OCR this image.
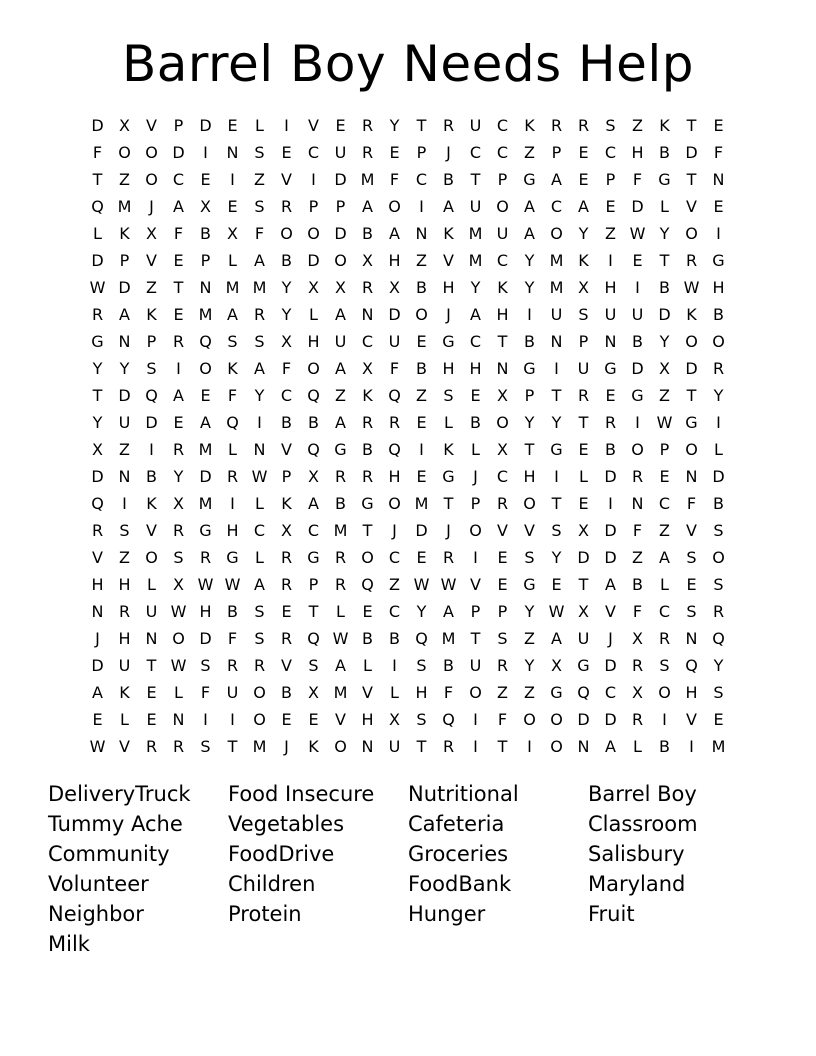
Barrel Boy Needs Help
D X	V	P	D E	L	I	V	E	R	Y	T	R U C	K	R R	S	Z	K	T	E
F	O O D	I	N S	E	C U R	E	P	J	C C Z	P	E	C H B D	F
T	Z O C	E	I	Z	V	I	D M F	C B	T	P G A	E	P	F	G T	N
Q M	J	A	X	E	S	R	P	P	A O	I	A U O A C A	E D	L	V	E
L	K	X	F	B	X	F	O O D B	A N K M U A O Y	Z W Y O	I
D	P	V	E	P	L	A	B D O X H Z	V M C	Y M K	I	E	T	R G
W D Z	T	N M M Y	X	X R X	B H	Y	K	Y M X H	I	B W H
R A	K	E M A R	Y	L	A N D O	J	A H	I	U	S	U U D K	B
G N	P	R Q S	S	X H U C U	E G C	T	B N	P	N B	Y O O
Y	Y	S	I	O K	A	F	O A	X	F	B H H N G	I	U G D X D R
T D Q A	E	F	Y	C Q Z	K Q Z	S	E	X	P	T	R	E G Z	T	Y
Y	U D E	A Q	I	B	B	A R R	E	L	B O Y	Y	T	R	I	W G	I
X	Z	I	R M L	N V Q G B Q	I	K	L	X	T G E	B O P O	L
D N B	Y D R W P	X R R H E G	J	C H	I	L	D R	E N D
Q	I	K	X M	I	L	K	A	B G O M T	P	R O T	E	I	N C	F	B
R	S	V R G H C X C M T	J	D	J	O V	V	S	X D	F	Z	V	S
V	Z O S	R G	L	R G R O C	E	R	I	E	S	Y D D Z	A	S O
H H	L	X W W A R	P	R Q Z W W V	E G E	T	A	B	L	E	S
N R U W H B	S	E	T	L	E	C	Y	A	P	P	Y W X	V	F	C	S	R
J	H N O D	F	S	R Q W B	B Q M T	S	Z	A U	J	X R N Q
D U	T W S	R R V	S	A	L	I	S	B U R	Y	X G D R	S Q Y
A	K	E	L	F	U O B	X M V	L	H	F	O Z	Z G Q C X O H S
E	L	E N	I	I	O E	E	V H X	S Q	I	F	O O D D R	I	V	E
W V R R	S	T M	J	K O N U	T	R	I	T	I	O N A	L	B	I	M
DeliveryTruck	Food Insecure	Nutritional	Barrel Boy
Tummy Ache	Vegetables	Cafeteria	Classroom
Community	FoodDrive	Groceries	Salisbury
Volunteer	Children	FoodBank	Maryland
Neighbor	Protein	Hunger	Fruit
Milk
